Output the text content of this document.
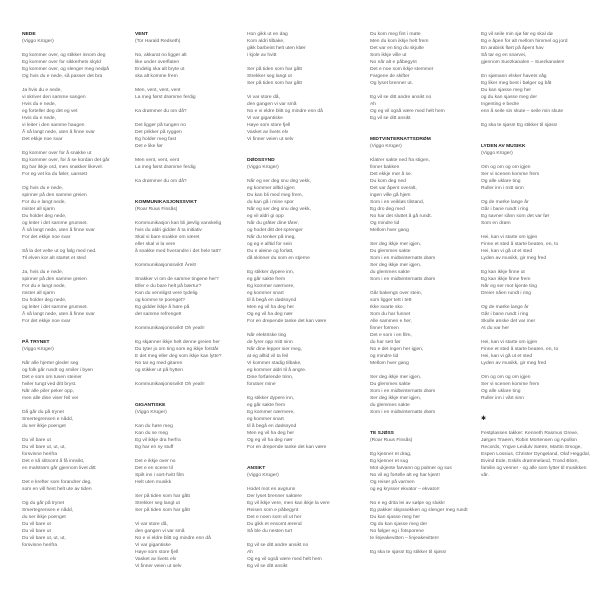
NEDE
(Viggo Krüger)
Eg kommer over, og stikker innom deg
Eg kommer over for sikkerhets skyld
Eg kommer over, og slenger meg nedpå
Og hvis du e nede, så passer det bra
Ja hvis du e nede,
vi skriver den samme sangen
Hvis du e nede,
eg forteller deg det eg vet
Hvis du e nede,
vi leiter i den samme haugen
Å så langt nede, uten å finne svar
Det ekkje noe svar
Eg kommer over for å snakke ut
Eg kommer over, for å se kordan det går
Eg har ikkje ord, men snakker likevel.
For eg vet ka du føler, uansett
Og hvis du e nede,
spinner på den samme greien
For du e langt nede,
mister all sjarm
Du holder deg nede,
og leiter i det samme grumset.
Å så langt nede, uten å finne svar
For det ekkje noe svar
Så la det velte ut og følg med ned.
Til elven kor alt startet et sted
Ja, hvis du e nede,
spinner på den samme greien
For du e langt nede,
mister all sjarm
Du holder deg nede,
og leiter i det samme grumset.
Å så langt nede, uten å finne svar
For det ekkje noe svar
PÅ TRYNET
(Viggo Krüger)
Når alle hjerter gleder seg
og folk går rundt og smiler i byen
Det e som om tusen steiner
hviler tungt ved ditt bryst.
Når alle piler peker opp,
men alle dine viser feil vei
Då går du på trynet
Smertegrensen e nådd,
du ser ikkje poenget
Du vil bare ut
Du vil bare ut, ut, ut,
forsvinne herifra
Det e så slitsomt å få innsikt,
en malstrøm går gjennom livet ditt
Det e krefter som forandrer deg,
som en vill hest helt ute av tiden
Og du går på trynet
Smertegrensen e nådd,
du ser ikkje poenget
Du vil bare ut
Du vil bare ut
Du vil bare ut, ut, ut,
forsvinne herifra
VENT
(Tor Harald Redseth)
No, akkurat no ligger alt
like under overflaten
Endelig ska alt bryte ut
ska alt komme frem
Men, vent, vent, vent
La meg først drømme ferdig
Ka drømmer du om då?
Det ligger på tungen no
Det prikker på ryggen
Eg holder meg fast
Det e like før
Men vent, vent, vent
La meg først drømme ferdig
Ka drømmer du om då?
KOMMUNIKASJONSSVIKT
(Roar Ruus Finsås)
Kommunikasjon kan bli jævlig vanskelig
hvis du aldri gidder å ta initiativ
Skal vi bare snakke om været
eller skal vi la vere
å snakke med hverandre i det hele tatt?
Kommunikasjonssvikt! Åreit!
Snakker vi om de samme tingene her?
Eller e du bare helt på bærtur?
Kan du vennligst vere tydelig
og komme te poenget?
Eg gidder ikkje å høre på
det samme refrenget!
Kommunikasjonssvikt! Oh yeah!
Eg skjønner ikkje helt denne greien her
Du tyter jo om ting som eg ikkje forstår
E det meg eller deg som ikkje kan lytte?
No tar eg med gitaren
og stikker ut på hytten
Kommunikasjonssvikt! Oh yeah!
GIGANTISKE
(Viggo Krüger)
Kan du høre meg
Kan du se meg
Eg vil ikkje dra herfra
Eg har en ny stuff
Det e ikkje over no
Det e en scene til
Spilt inn i sort-hvitt film
Helt uten musikk
Ser på tiden som har gått
Strekker seg langt ut
Ser på tiden som har gått
Vi var store då,
den gangen vi var små
No e vi eldre blitt og mindre enn då
Vi var gigantiske
Høye som store fjell
Vasket av livets elv
Vi finner veien ut selv
Hon gikk ut en dag
Kom aldri tilbake,
gikk barbeint helt uten klær
i kjole av hvitt
Ser på tiden som har gått
Strekker seg langt ut
Ser på tiden som har gått
Vi var store då,
den gangen vi var små
No e vi eldre blitt og mindre enn då
Vi var gigantiske
Høye som store fjell
Vasket av livets elv
Vi finner veien ut selv
DØDSSYND
(Viggo Krüger)
Når eg ser deg snu deg vekk,
eg kommer alltid igjen
Du kan bli med meg frem,
du kan gå i mine spor
Når eg ser deg snu deg vekk,
eg vil aldri gi opp
Når du gråter dine tårer,
og hodet ditt det sprenger
Når du tenker på meg,
og eg e alltid for sein
Du e aleine og forlatt,
då skinner du som en stjerne
Eg stikker dypere inn,
eg går sakte frem
Eg kommer nærmere,
eg kommer snart
til å begå en dødssynd
Men eg vil ha deg her
Og eg vil ha deg nær
For en drepende tanke det kan være
Når elektriske ting
de fyrer opp mitt sinn
Når dine lepper sier meg,
at eg alltid vil ta feil
Vi kommer stadig tilbake,
eg kommer aldri til å angre.
Dine forførende trinn,
forutser mine
Eg stikker dypere inn,
eg går sakte frem
Eg kommer nærmere,
eg kommer snart
til å begå en dødssynd
Men eg vil ha deg her
Og eg vil ha deg nær
For en drepende tanke det kan være
ANSIKT
(Viggo Krüger)
Hodet mot en avgrunn
Der lyset brenner saktere
Eg vil ikkje vere, men kan ikkje la vere
Reisen som e påbegynt
Det e noen som vil ut her
Du gikk et ensomt ærend
Så ble du nesten turt
Eg vil se ditt andre ansikt no
Ah
Og eg vil også være med helt hem
Eg vil se ditt ansikt
Du kom meg fint i møte
Men du kom ikkje helt frem
Det var en ting du skjulte
Som ikkje ville ut
No når alt e påbegynt
Det e noe som ikkje stemmer
Fargene de skifter
Og lyset brenner ut.
Eg vil se ditt andre ansikt no
Ah
Og eg vil også være med helt hem
Eg vil se ditt ansikt
MIDTVINTERNATTSDRØM
(Viggo Krüger)
Klatrer sakte ned fra stigen,
finner bakken
Det ekkje mer å se.
Du kom deg ned
Det var åpent overalt,
ingen ville gå hjem
Som i en veikløs tilstand,
Eg dro deg med
No har det sluttet å gå rundt.
Og mindre tid
Mellom hver gang
Ser deg ikkje mer igjen,
Du glemmes sakte
Som i en midtvinternatts drøm
Ser deg ikkje mer igjen,
du glemmes sakte
Som i en midtvinternatts drøm
Går bakengs over stein,
som ligger tett i tett
Ikke svarte sko
Som du har funnet
Alle sammen e her,
finner formen
Det e som i en film,
du har sett før
No e det ingen her igjen,
og mindre tid
Mellom hver gang
Ser deg ikkje mer igjen,
Du glemmes sakte
Som i en midtvinternatts drøm
Ser deg ikkje mer igjen,
du glemmes sakte
Som i en midtvinternatts drøm
TE SJØSS
(Roar Ruus Finsås)
Eg kjenner et drag,
Eg kjenner et sug
Mot ukjente farvann og palmer og sus
No vil eg fortelle alt eg har kjent!
Og reiser på varmen
og eg krysser ekvator – ekvator!
No e eg drita lei av sølpe og slukk!
Eg pakker skipssekken og slenger meg rundt
Du kan sjasse meg her
Og du kan sjasse meg der
No følger eg i fotsporene
te linjeakevitten – linjeakevitten!
Eg ska te sjøss! Eg stikker til sjøss!
Eg vil seile min sjø før eg skal dø
Eg e åpen for alt mellom himmel og jord
En arabisk flørt på åpent hav
Så tar eg en snarvei,
gjennom Suezkanalen – Suezkanalen!
En sjømann elsker havets våg
Eg liker meg best i bølger og båt
Du kan sjasse meg her
og du kan sjasse meg der
Ingenting e bedre
enn å seile sin skute – seile min skute
Eg ska te sjøss! Eg stikker til sjøss!
LYDEN AV MUSIKK
(Viggo Krüger)
Om og om og om igjen
Ser vi scenen komme frem
Og alle uklare ting
Ruller inn i mitt sinn
Og de mørke lange år
Går i bane rundt i ring
Eg savner sånn som det var før
Som en drøm
Hei, kan vi starte om igjen
Finne et sted å starte beaten, en, to
Hei, kan vi gå ut et sted
Lyden av musikk, gir meg fred
Eg kan ikkje finne ut
Eg kan ikkje finne frem
Når eg ser mot kjente ting
Dreier nåen rundt i ring
Og de mørke lange år
Går i bane rundt i ring
Skulle ønske det var mer
At du var her
Hei, kan vi starte om igjen
Finne et sted å starte beaten, en, to
Hei, kan vi gå ut et sted
Lyden av musikk, gir meg fred
Om og om og om igjen
Ser vi scenen komme frem
Og alle uklare ting
Ruller inn i vårt sinn
✱
Festplassen takker: Kenneth Rasmus Greve, Jørgen Traeen, Robin Mortensen og Apollon Records, Yngve Leidulv Sætre, Martin Smoge, Espen Lossius, Christer Dyngeland, Olaf Heggdal, Eivind Eide, Eskils drømmeland, Trond Blom, familie og venner - og alle som lytter til musikken vår.
